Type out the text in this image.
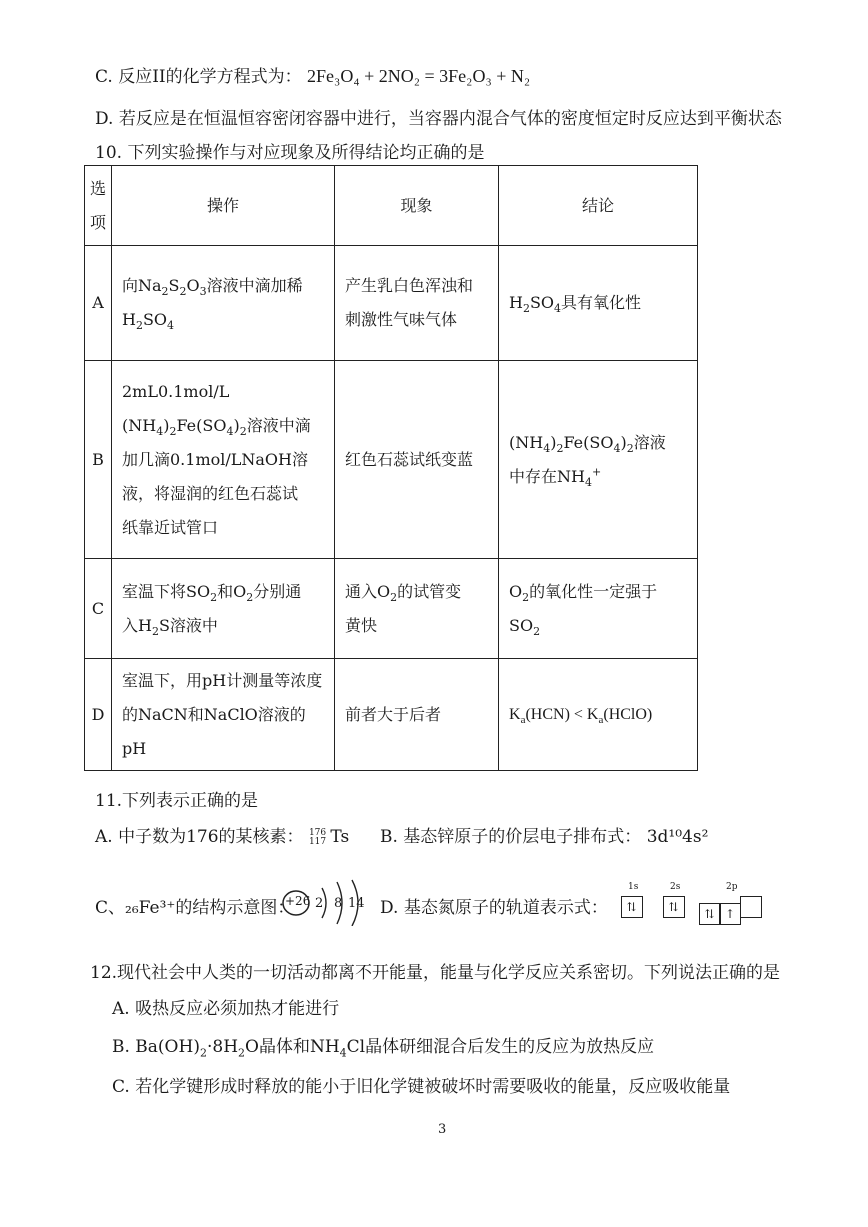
C. 反应II的化学方程式为： 2Fe₃O₄ + 2NO₂ = 3Fe₂O₃ + N₂
D. 若反应是在恒温恒容密闭容器中进行，当容器内混合气体的密度恒定时反应达到平衡状态
10. 下列实验操作与对应现象及所得结论均正确的是
选项	操作	现象	结论
A	向$Na_2S_2O_3$溶液中滴加稀
$H_2SO_4$	产生乳白色浑浊和刺激性气味气体	$H_2SO_4$具有氧化性
B	2mL0.1mol/L
$(NH_4)_2Fe(SO_4)_2$溶液中滴
加几滴0.1mol/LNaOH溶
液，将湿润的红色石蕊试
纸靠近试管口	红色石蕊试纸变蓝	$(NH_4)_2Fe(SO_4)_2$溶液
中存在$NH_4^+$
C	室温下将$SO_2$和$O_2$分别通
入$H_2S$溶液中	通入$O_2$的试管变
黄快	$O_2$的氧化性一定强于
$SO_2$
D	室温下，用pH计测量等浓度的NaCN和NaClO溶液的pH	前者大于后者	$K_a(HCN)$ < $K_a(HClO)$
11.下列表示正确的是
A. 中子数为176的某核素： 176
117 Ts B. 基态锌原子的价层电子排布式： 3d¹⁰4s²
C、₂₆Fe³⁺的结构示意图：
+26 2 8 14 D. 基态氮原子的轨道表示式：
1s
⇅
2s
⇅
2p
⇅ ↑
12.现代社会中人类的一切活动都离不开能量，能量与化学反应关系密切。下列说法正确的是
A. 吸热反应必须加热才能进行
B. $Ba(OH)_2\cdot 8H_2O$晶体和$NH_4Cl$晶体研细混合后发生的反应为放热反应
C. 若化学键形成时释放的能小于旧化学键被破坏时需要吸收的能量，反应吸收能量
3
